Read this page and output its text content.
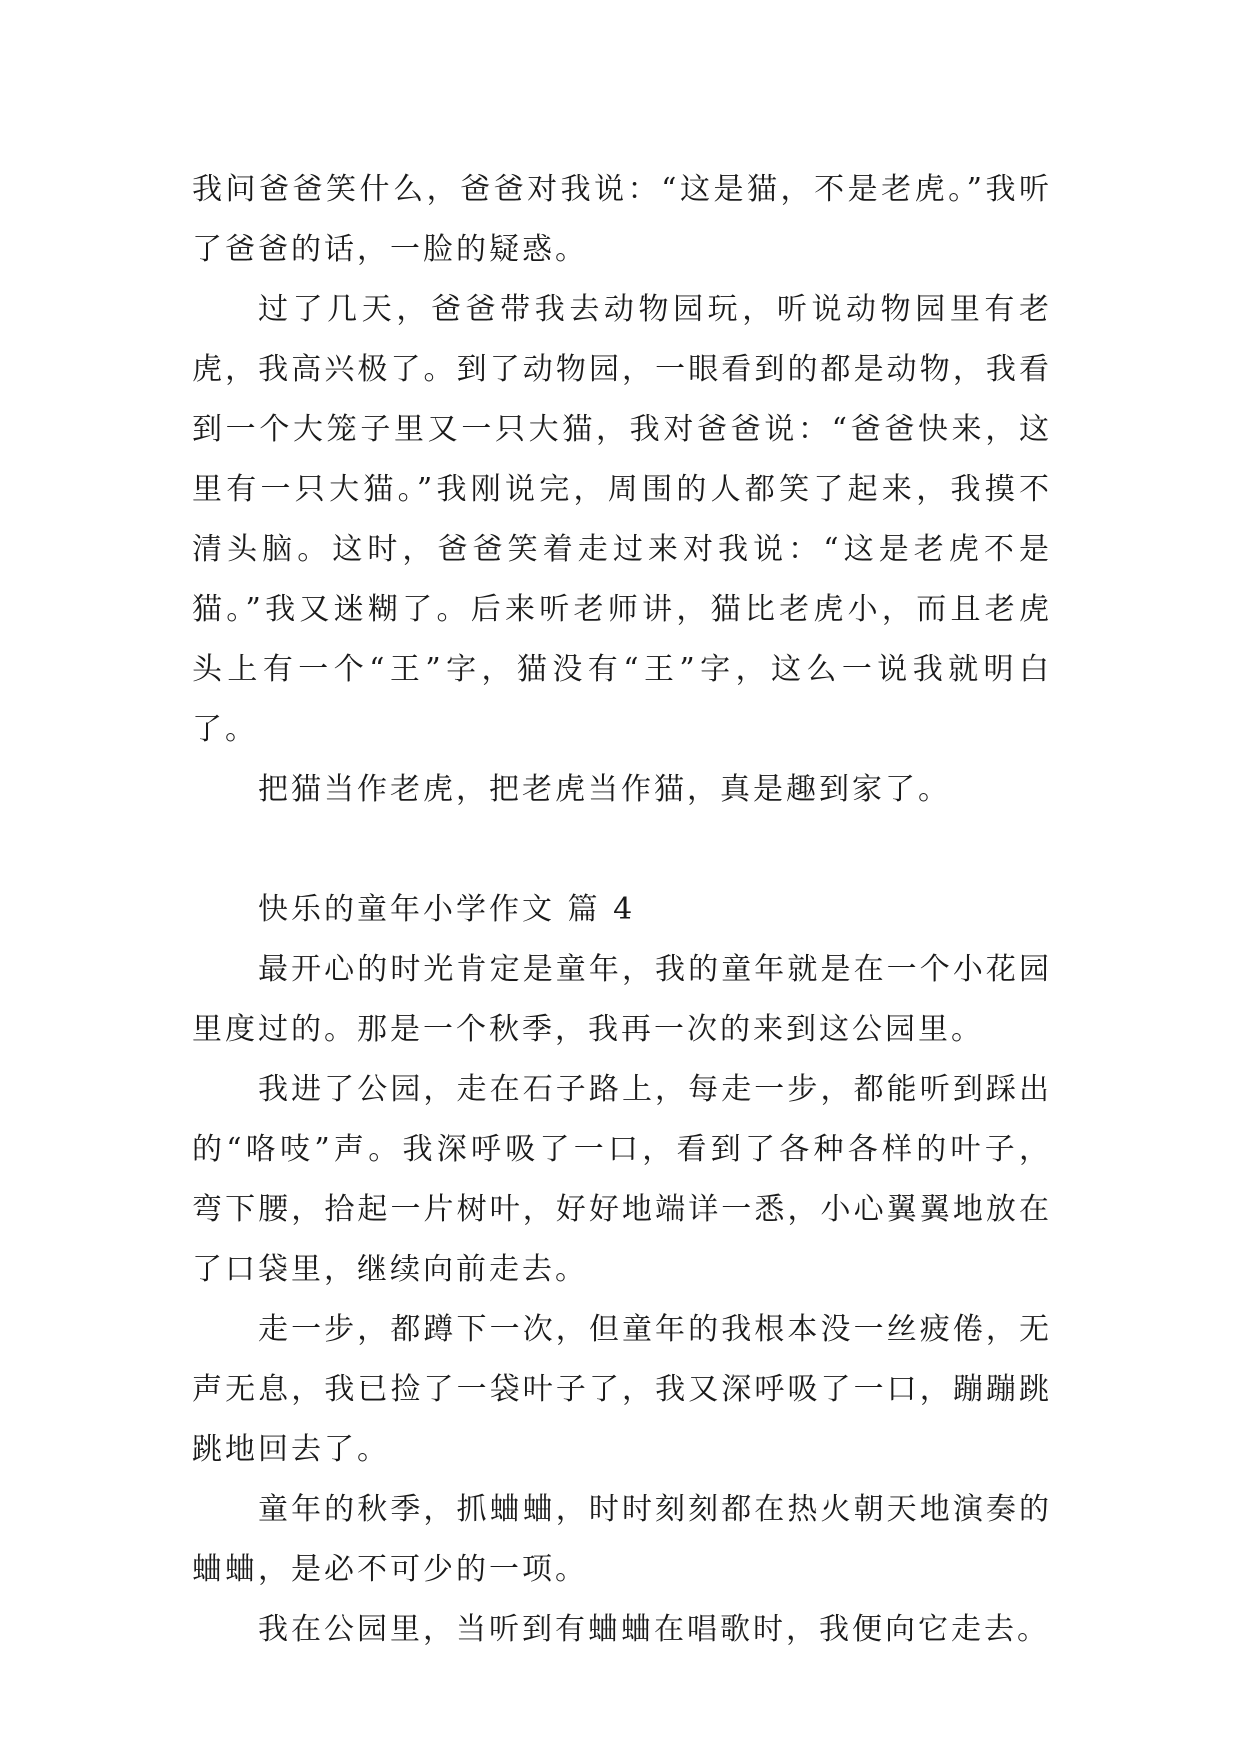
我问爸爸笑什么，爸爸对我说：“这是猫，不是老虎。”我听了爸爸的话，一脸的疑惑。

过了几天，爸爸带我去动物园玩，听说动物园里有老虎，我高兴极了。到了动物园，一眼看到的都是动物，我看到一个大笼子里又一只大猫，我对爸爸说：“爸爸快来，这里有一只大猫。”我刚说完，周围的人都笑了起来，我摸不清头脑。这时，爸爸笑着走过来对我说：“这是老虎不是猫。”我又迷糊了。后来听老师讲，猫比老虎小，而且老虎头上有一个“王”字，猫没有“王”字，这么一说我就明白了。

把猫当作老虎，把老虎当作猫，真是趣到家了。

快乐的童年小学作文 篇 4

最开心的时光肯定是童年，我的童年就是在一个小花园里度过的。那是一个秋季，我再一次的来到这公园里。

我进了公园，走在石子路上，每走一步，都能听到踩出的“咯吱”声。我深呼吸了一口，看到了各种各样的叶子，弯下腰，拾起一片树叶，好好地端详一悉，小心翼翼地放在了口袋里，继续向前走去。

走一步，都蹲下一次，但童年的我根本没一丝疲倦，无声无息，我已捡了一袋叶子了，我又深呼吸了一口，蹦蹦跳跳地回去了。

童年的秋季，抓蛐蛐，时时刻刻都在热火朝天地演奏的蛐蛐，是必不可少的一项。

我在公园里，当听到有蛐蛐在唱歌时，我便向它走去。
